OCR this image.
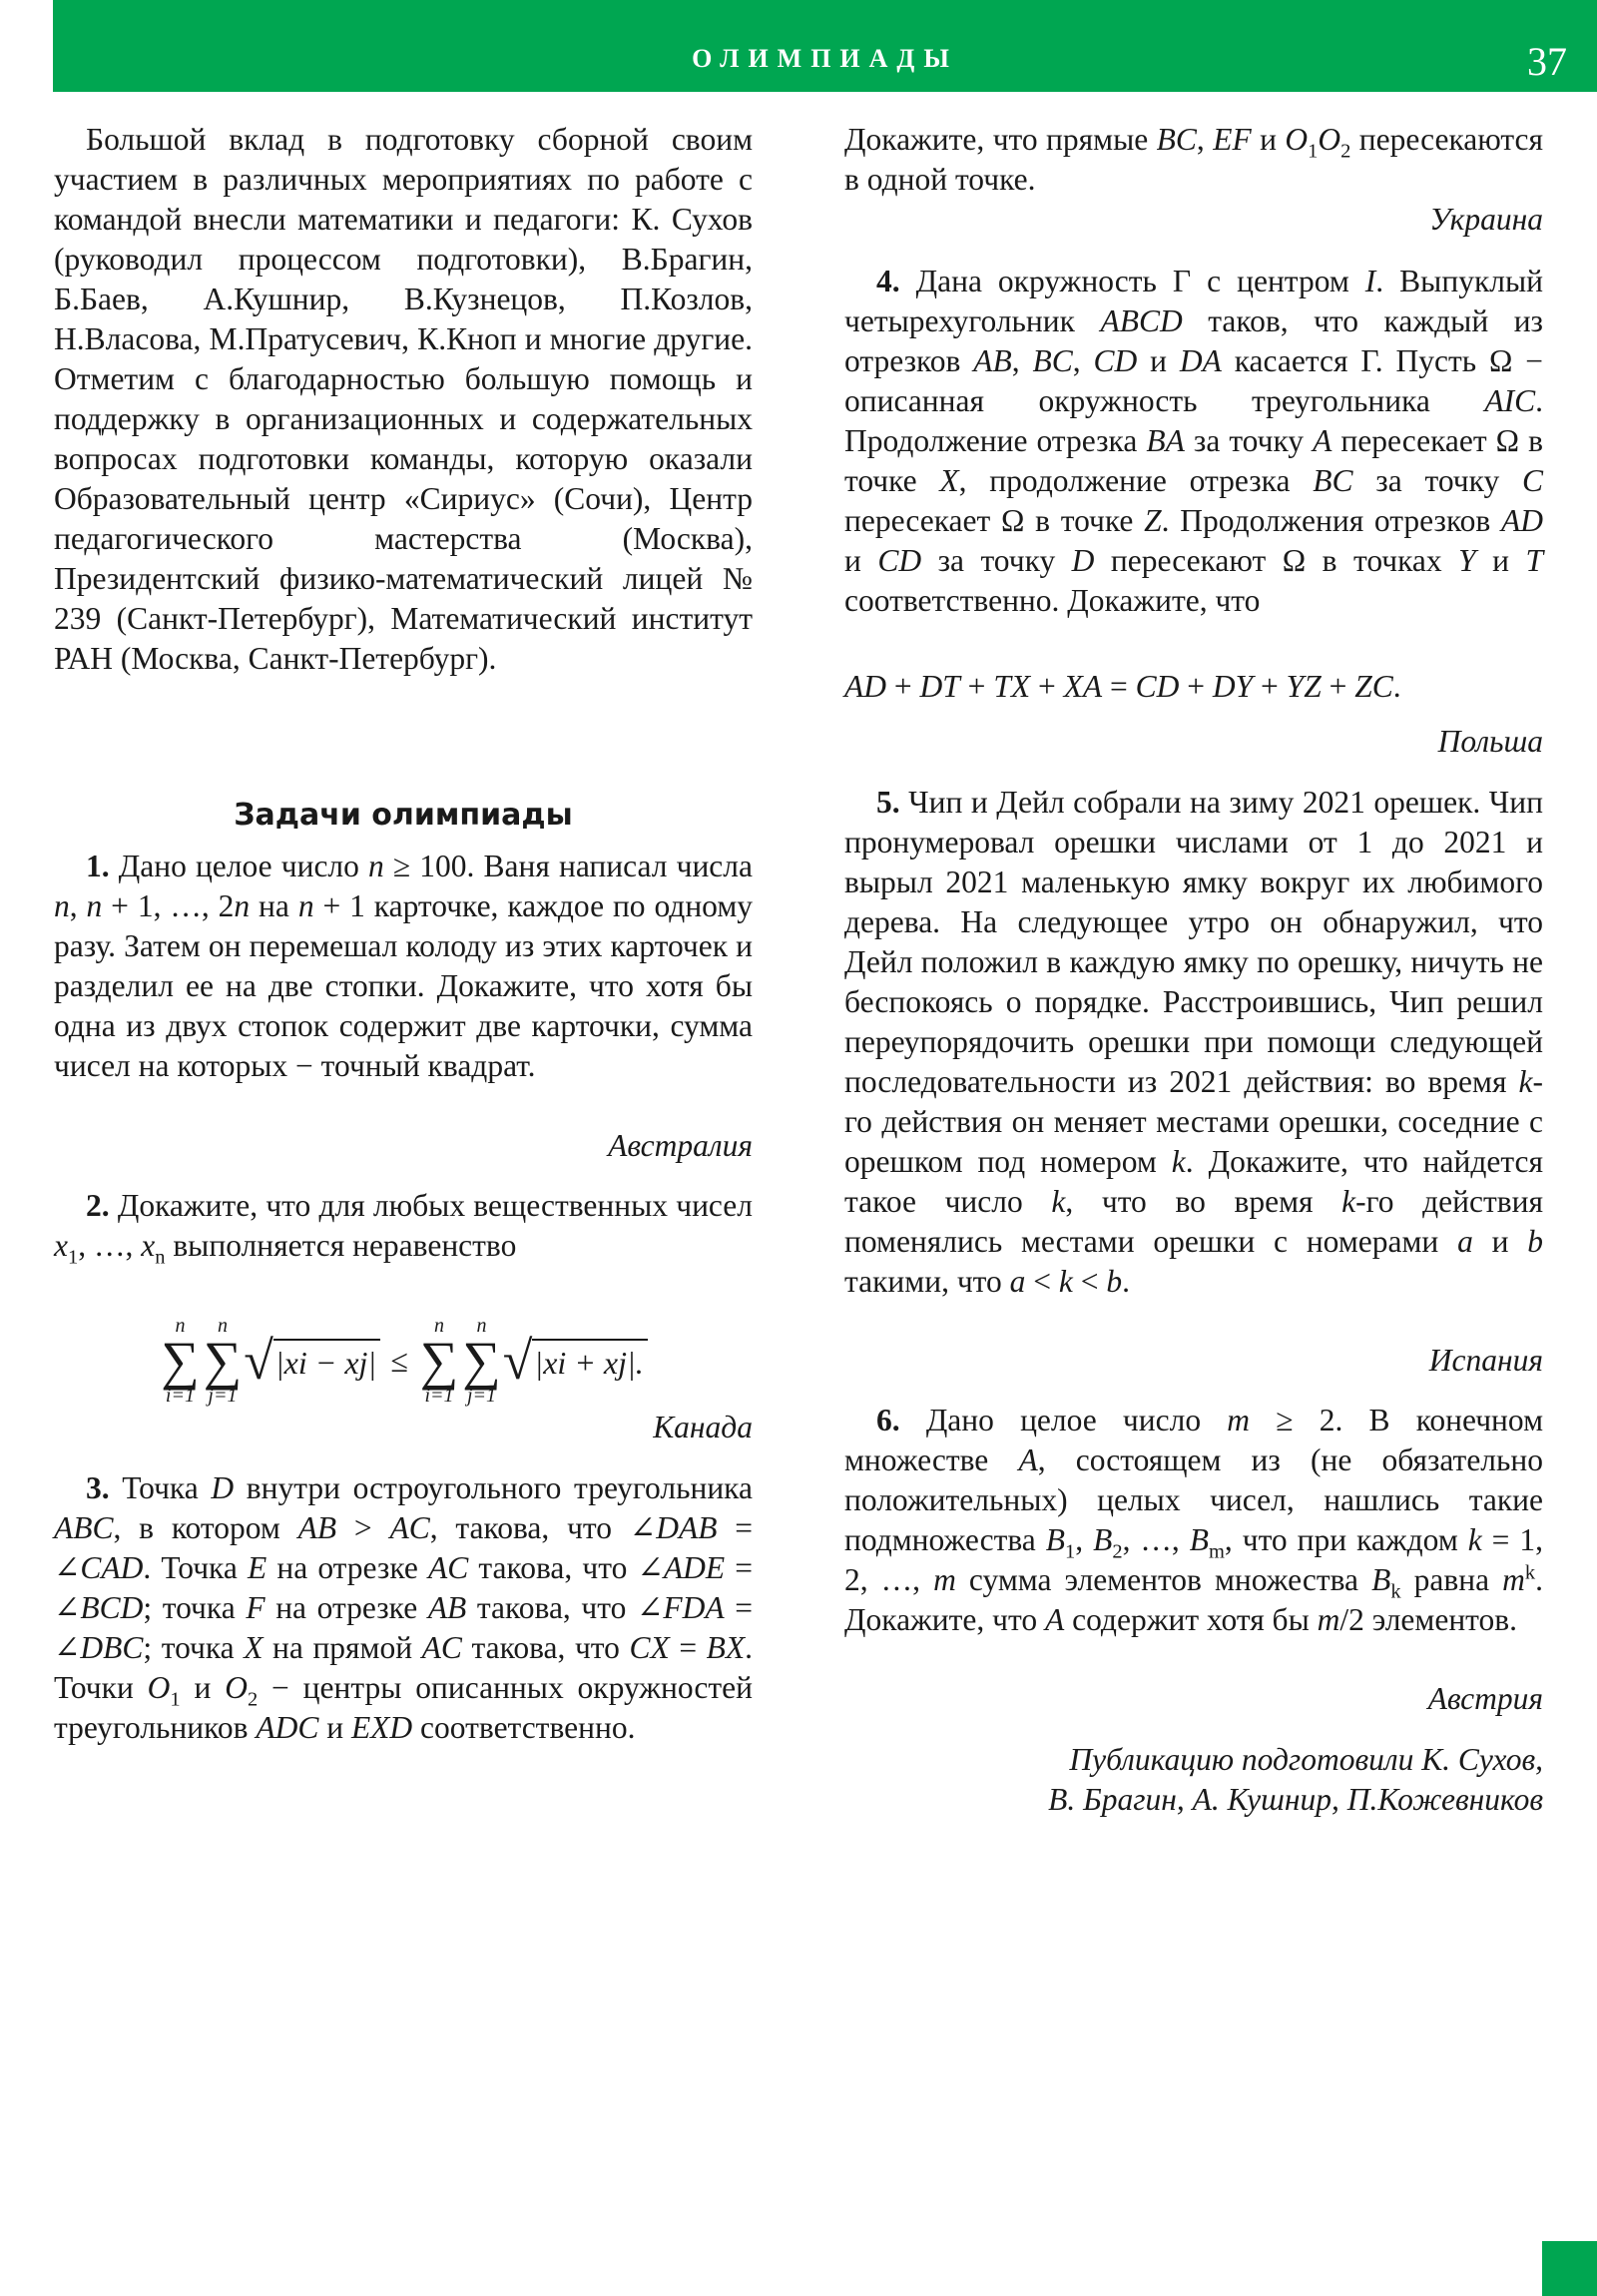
ОЛИМПИАДЫ	37
Большой вклад в подготовку сборной своим участием в различных мероприятиях по работе с командой внесли математики и педагоги: К. Сухов (руководил процессом подготовки), В.Брагин, Б.Баев, А.Кушнир, В.Кузнецов, П.Козлов, Н.Власова, М.Пратусевич, К.Кноп и многие другие. Отметим с благодарностью большую помощь и поддержку в организационных и содержательных вопросах подготовки команды, которую оказали Образовательный центр «Сириус» (Сочи), Центр педагогического мастерства (Москва), Президентский физико-математический лицей № 239 (Санкт-Петербург), Математический институт РАН (Москва, Санкт-Петербург).
Задачи олимпиады
1. Дано целое число n ≥ 100. Ваня написал числа n, n + 1, …, 2n на n + 1 карточке, каждое по одному разу. Затем он перемешал колоду из этих карточек и разделил ее на две стопки. Докажите, что хотя бы одна из двух стопок содержит две карточки, сумма чисел на которых − точный квадрат.
Австралия
2. Докажите, что для любых вещественных чисел $x_1$, …, $x_n$ выполняется неравенство
n
∑
i=1
n
∑
j=1
√ |xi − xj| ≤
n
∑
i=1
n
∑
j=1
√ |xi + xj|.
Канада
3. Точка D внутри остроугольного треугольника ABC, в котором AB > AC, такова, что ∠DAB = ∠CAD. Точка E на отрезке AC такова, что ∠ADE = ∠BCD; точка F на отрезке AB такова, что ∠FDA = ∠DBC; точка X на прямой AC такова, что CX = BX. Точки $O_1$ и $O_2$ − центры описанных окружностей треугольников ADC и EXD соответственно.
Докажите, что прямые BC, EF и $O_1O_2$ пересекаются в одной точке.
Украина
4. Дана окружность Γ с центром I. Выпуклый четырехугольник ABCD таков, что каждый из отрезков AB, BC, CD и DA касается Γ. Пусть Ω − описанная окружность треугольника AIC. Продолжение отрезка BA за точку A пересекает Ω в точке X, продолжение отрезка BC за точку C пересекает Ω в точке Z. Продолжения отрезков AD и CD за точку D пересекают Ω в точках Y и T соответственно. Докажите, что
AD + DT + TX + XA = CD + DY + YZ + ZC.
Польша
5. Чип и Дейл собрали на зиму 2021 орешек. Чип пронумеровал орешки числами от 1 до 2021 и вырыл 2021 маленькую ямку вокруг их любимого дерева. На следующее утро он обнаружил, что Дейл положил в каждую ямку по орешку, ничуть не беспокоясь о порядке. Расстроившись, Чип решил переупорядочить орешки при помощи следующей последовательности из 2021 действия: во время k-го действия он меняет местами орешки, соседние с орешком под номером k. Докажите, что найдется такое число k, что во время k-го действия поменялись местами орешки с номерами a и b такими, что a < k < b.
Испания
6. Дано целое число m ≥ 2. В конечном множестве A, состоящем из (не обязательно положительных) целых чисел, нашлись такие подмножества $B_1$, $B_2$, …, $B_m$, что при каждом k = 1, 2, …, m сумма элементов множества $B_k$ равна $m^k$. Докажите, что A содержит хотя бы m/2 элементов.
Австрия
Публикацию подготовили К. Сухов,
В. Брагин, А. Кушнир, П.Кожевников
